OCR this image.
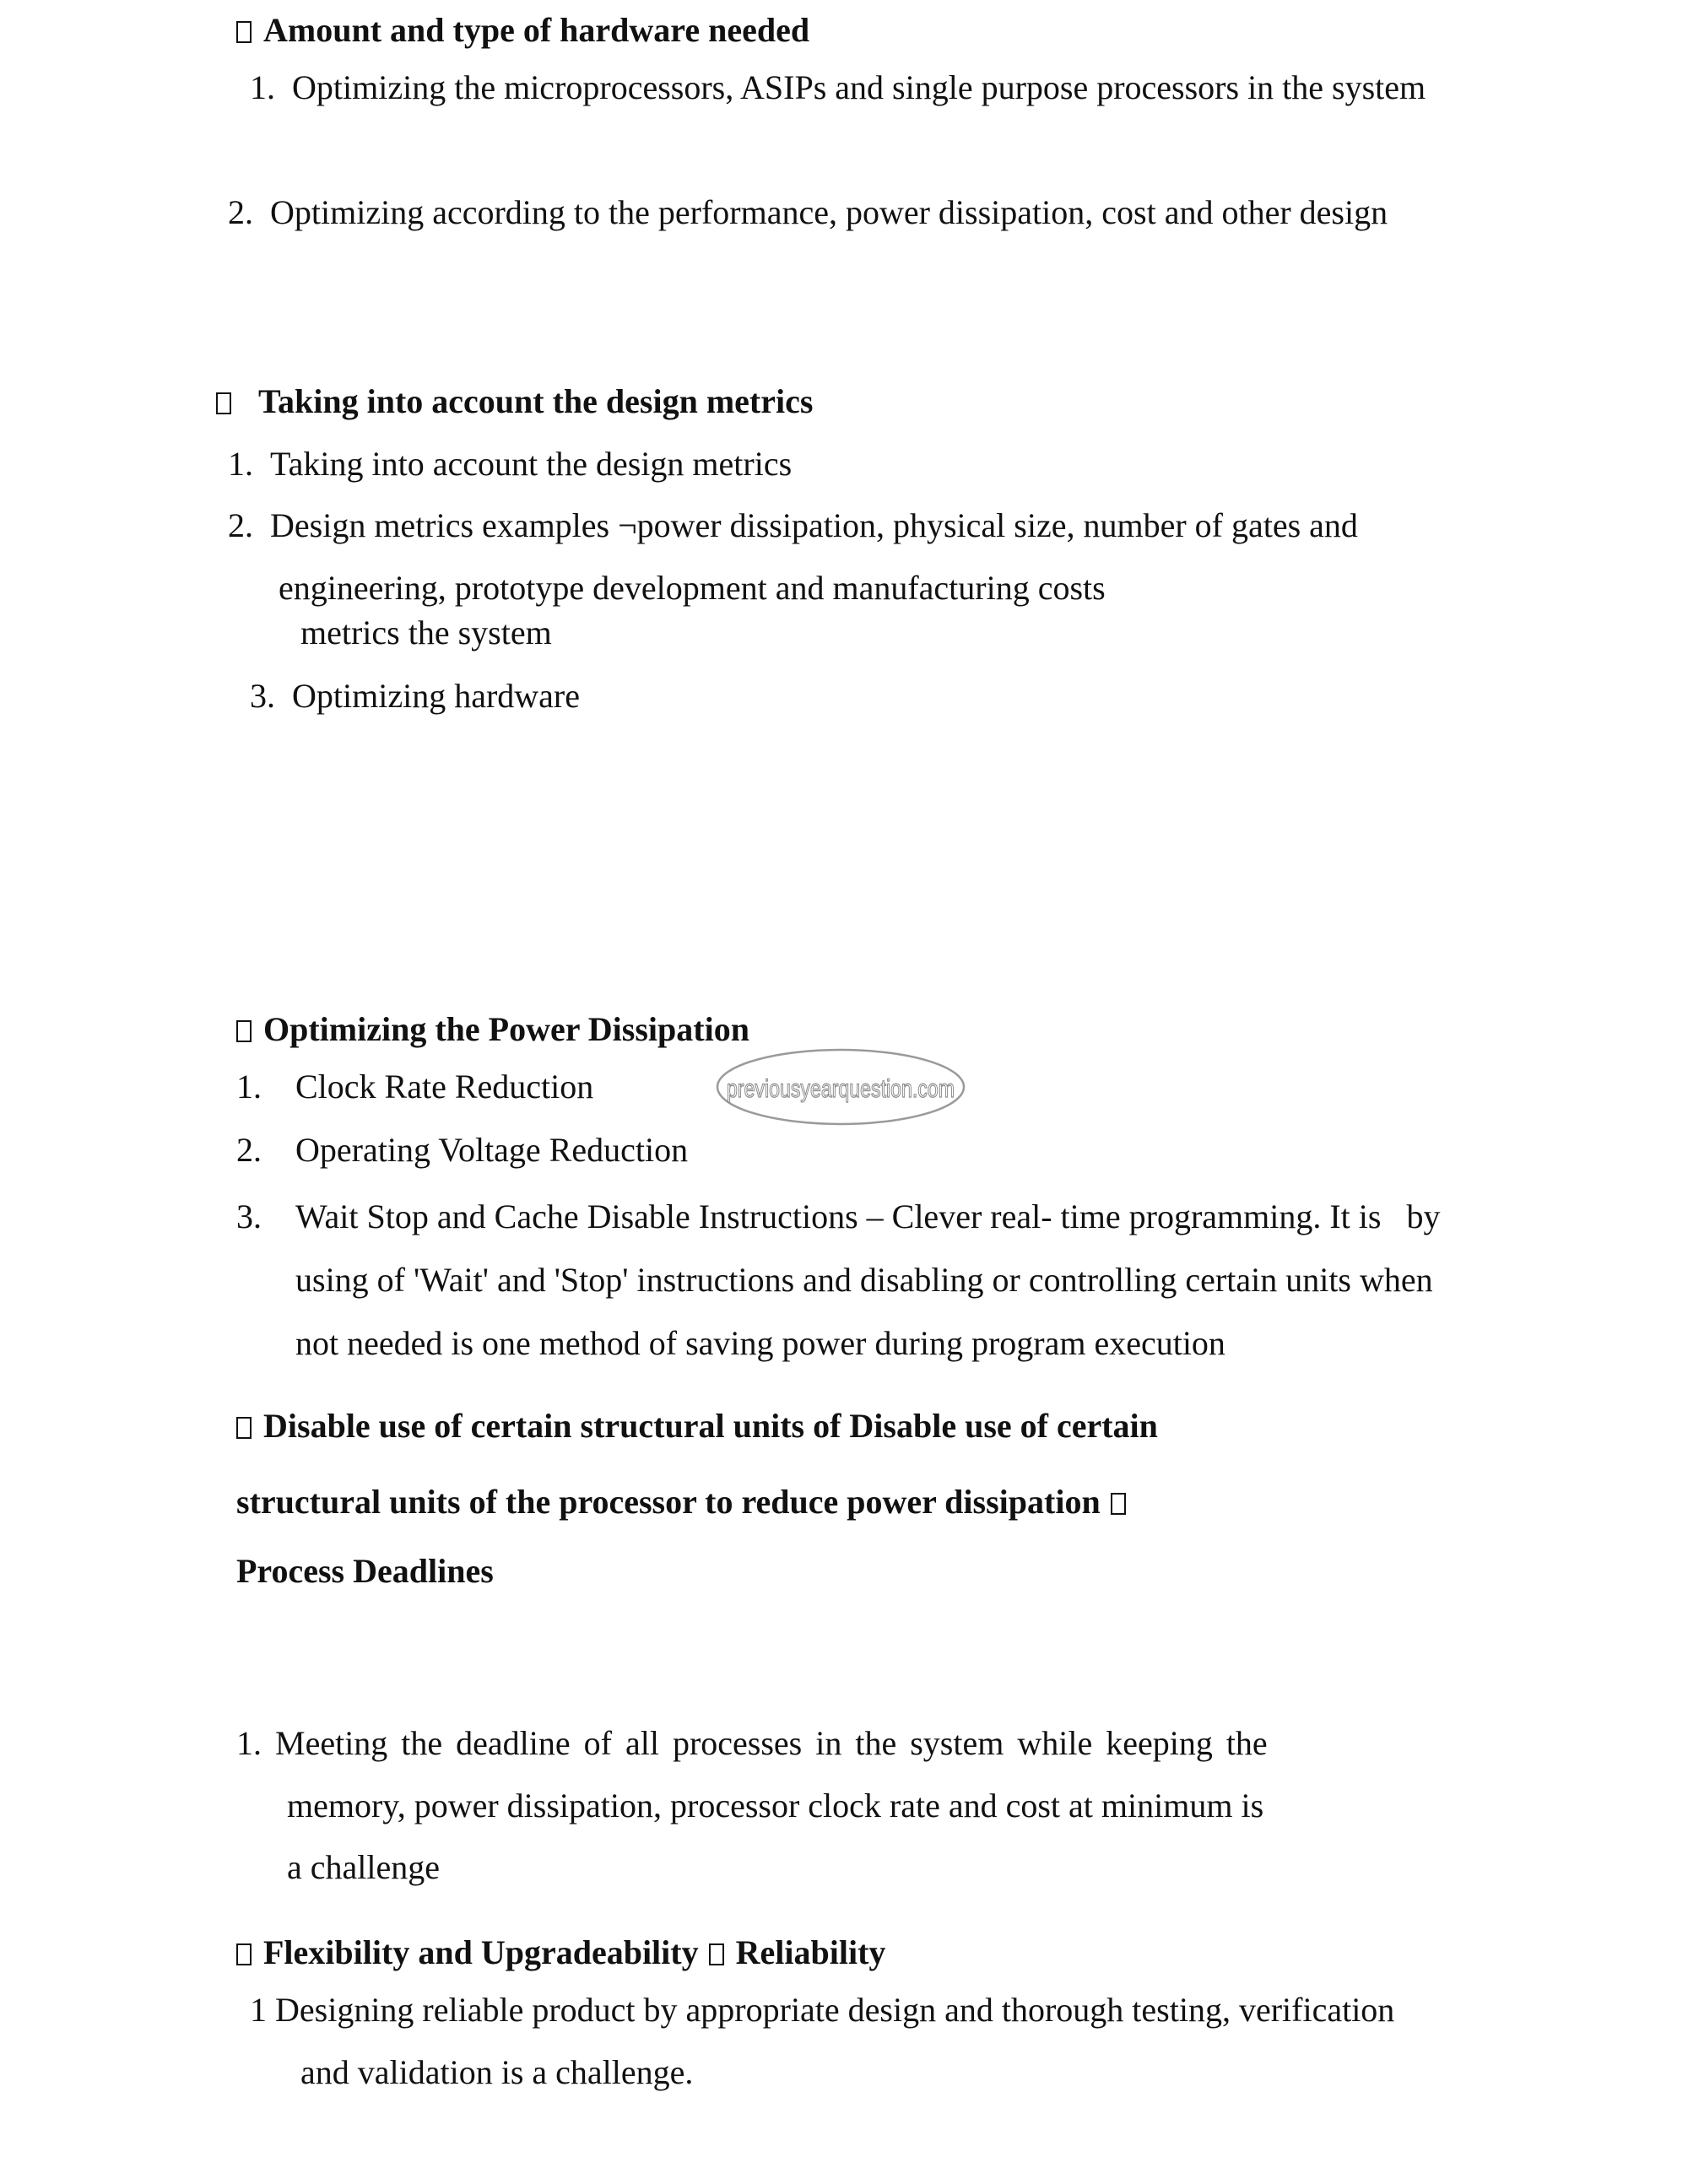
Amount and type of hardware needed
1. Optimizing the microprocessors, ASIPs and single purpose processors in the system
2. Optimizing according to the performance, power dissipation, cost and other design
Taking into account the design metrics
1. Taking into account the design metrics
2. Design metrics examples ¬power dissipation, physical size, number of gates and
engineering, prototype development and manufacturing costs
metrics the system
3. Optimizing hardware
Optimizing the Power Dissipation
1. Clock Rate Reduction
2. Operating Voltage Reduction
3. Wait Stop and Cache Disable Instructions – Clever real- time programming. It is   by
using of 'Wait' and 'Stop' instructions and disabling or controlling certain units when
not needed is one method of saving power during program execution
Disable use of certain structural units of Disable use of certain
structural units of the processor to reduce power dissipation
Process Deadlines
1. Meeting the deadline of all processes in the system while keeping the
memory, power dissipation, processor clock rate and cost at minimum is
a challenge
Flexibility and Upgradeability Reliability
1 Designing reliable product by appropriate design and thorough testing, verification
and validation is a challenge.
previousyearquestion.com
